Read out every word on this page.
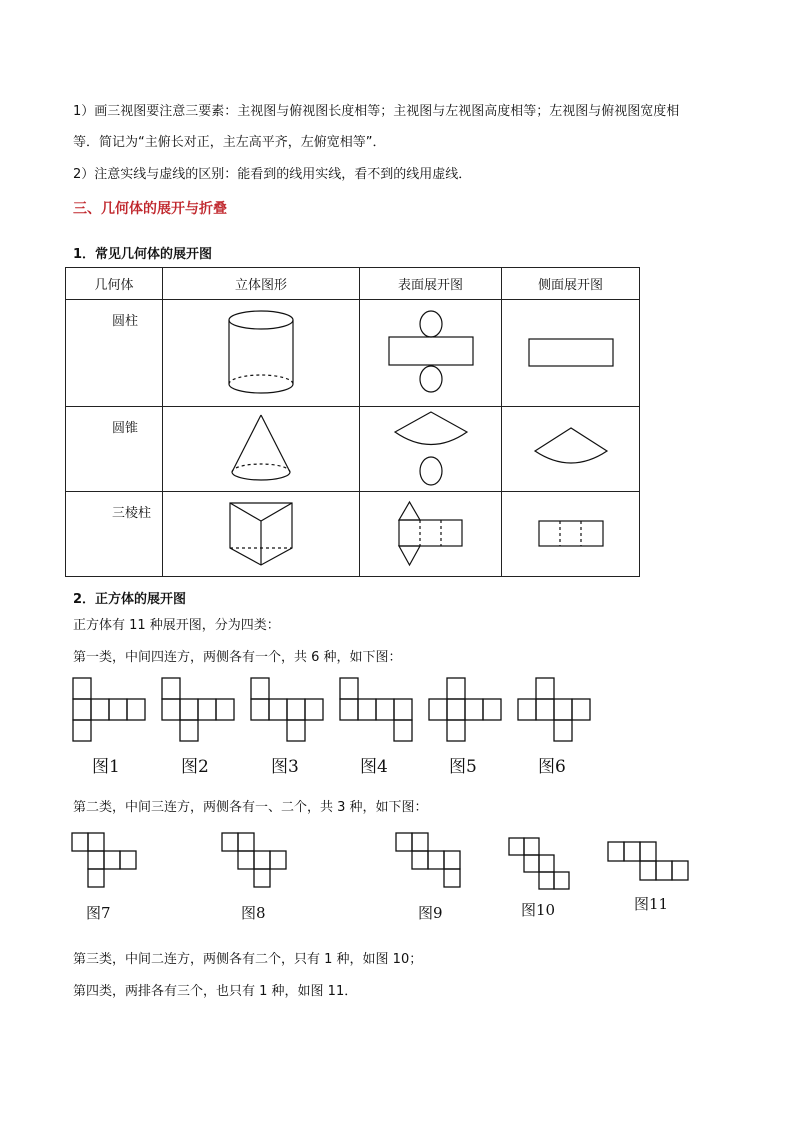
1）画三视图要注意三要素：主视图与俯视图长度相等；主视图与左视图高度相等；左视图与俯视图宽度相
等．简记为“主俯长对正，主左高平齐，左俯宽相等”．
2）注意实线与虚线的区别：能看到的线用实线，看不到的线用虚线．
三、几何体的展开与折叠
1．常见几何体的展开图
几何体	立体图形	表面展开图	侧面展开图
圆柱	

圆锥	

三棱柱	

2．正方体的展开图
正方体有 11 种展开图，分为四类：
第一类，中间四连方，两侧各有一个，共 6 种，如下图：
图1	图2	图3	图4	图5	图6
第二类，中间三连方，两侧各有一、二个，共 3 种，如下图：
图7	图8	图9	图10	图11
第三类，中间二连方，两侧各有二个，只有 1 种，如图 10；
第四类，两排各有三个，也只有 1 种，如图 11．
